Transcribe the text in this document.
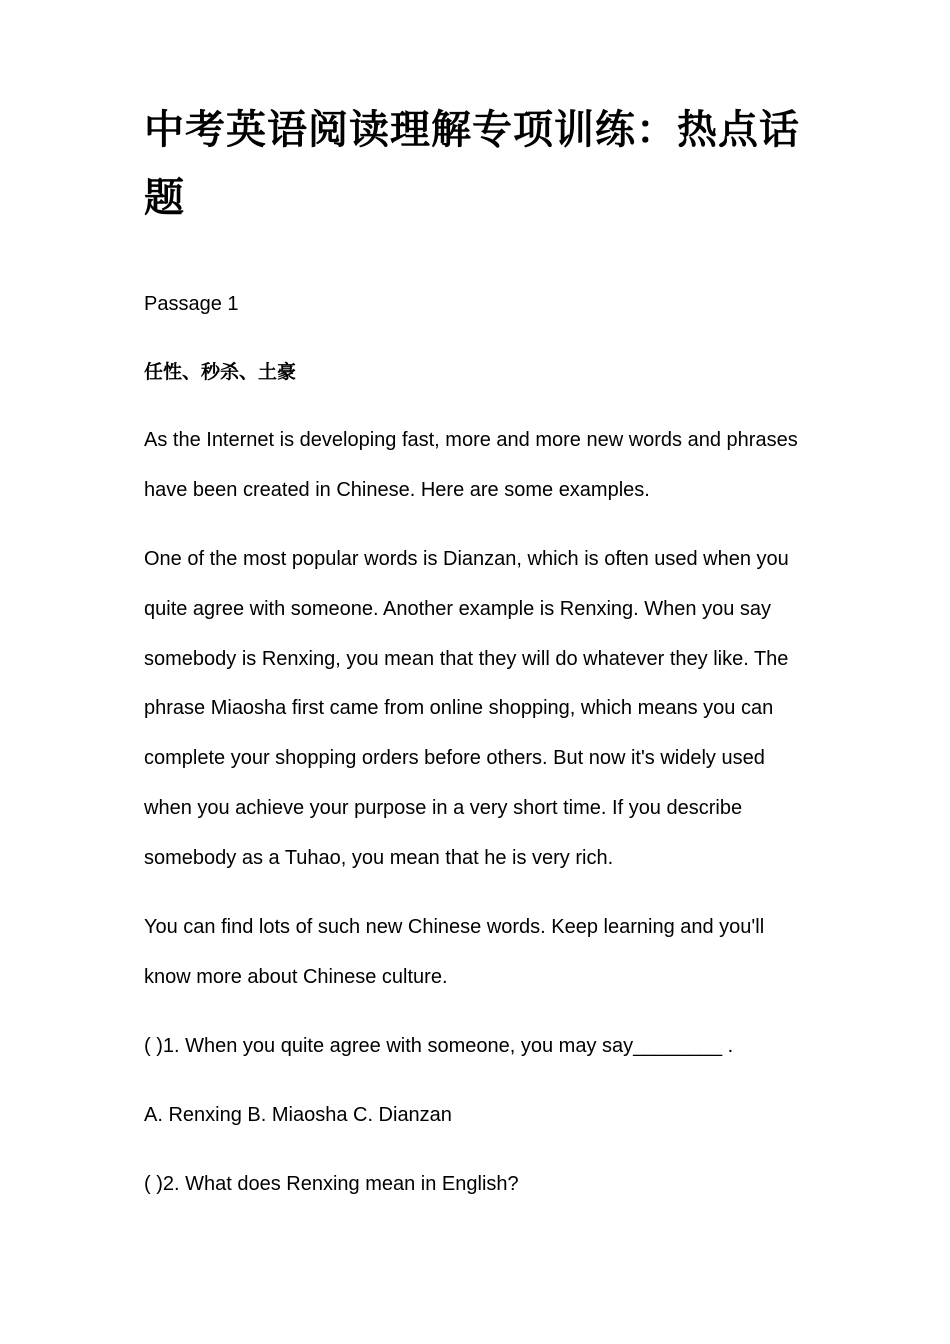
中考英语阅读理解专项训练：热点话题

Passage 1

任性、秒杀、土豪

As the Internet is developing fast, more and more new words and phrases have been created in Chinese. Here are some examples.

One of the most popular words is Dianzan, which is often used when you quite agree with someone. Another example is Renxing. When you say somebody is Renxing, you mean that they will do whatever they like. The phrase Miaosha first came from online shopping, which means you can complete your shopping orders before others. But now it's widely used when you achieve your purpose in a very short time. If you describe somebody as a Tuhao, you mean that he is very rich.

You can find lots of such new Chinese words. Keep learning and you'll know more about Chinese culture.

( )1. When you quite agree with someone, you may say________ .

A. Renxing B. Miaosha C. Dianzan

( )2. What does Renxing mean in English?
